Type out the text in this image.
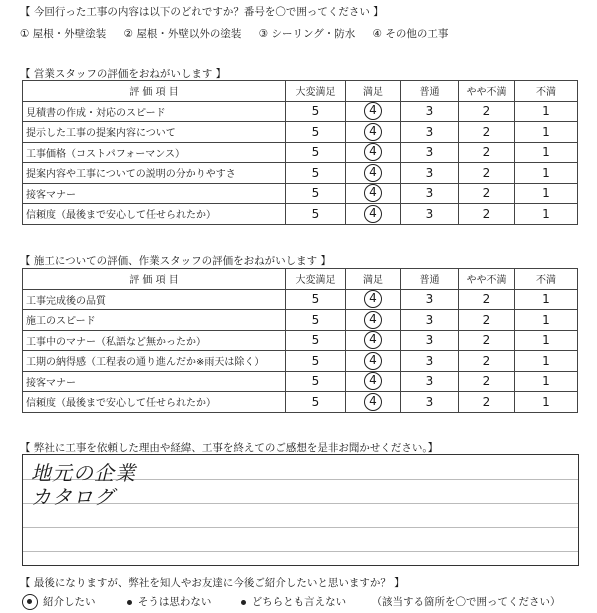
【 今回行った工事の内容は以下のどれですか？番号を〇で囲ってください 】
① 屋根・外壁塗装 ② 屋根・外壁以外の塗装 ③ シーリング・防水 ④ その他の工事
【 営業スタッフの評価をおねがいします 】
評 価 項 目	大変満足	満足	普通	やや不満	不満
見積書の作成・対応のスピード	5	4	3	2	1
提示した工事の提案内容について	5	4	3	2	1
工事価格（コストパフォーマンス）	5	4	3	2	1
提案内容や工事についての説明の分かりやすさ	5	4	3	2	1
接客マナー	5	4	3	2	1
信頼度（最後まで安心して任せられたか）	5	4	3	2	1
【 施工についての評価、作業スタッフの評価をおねがいします 】
評 価 項 目	大変満足	満足	普通	やや不満	不満
工事完成後の品質	5	4	3	2	1
施工のスピード	5	4	3	2	1
工事中のマナー（私語など無かったか）	5	4	3	2	1
工期の納得感（工程表の通り進んだか※雨天は除く）	5	4	3	2	1
接客マナー	5	4	3	2	1
信頼度（最後まで安心して任せられたか）	5	4	3	2	1
【 弊社に工事を依頼した理由や経緯、工事を終えてのご感想を是非お聞かせください。】
地元の企業
カタログ
【 最後になりますが、弊社を知人やお友達に今後ご紹介したいと思いますか？ 】
紹介したい	そうは思わない	どちらとも言えない （該当する箇所を〇で囲ってください）
